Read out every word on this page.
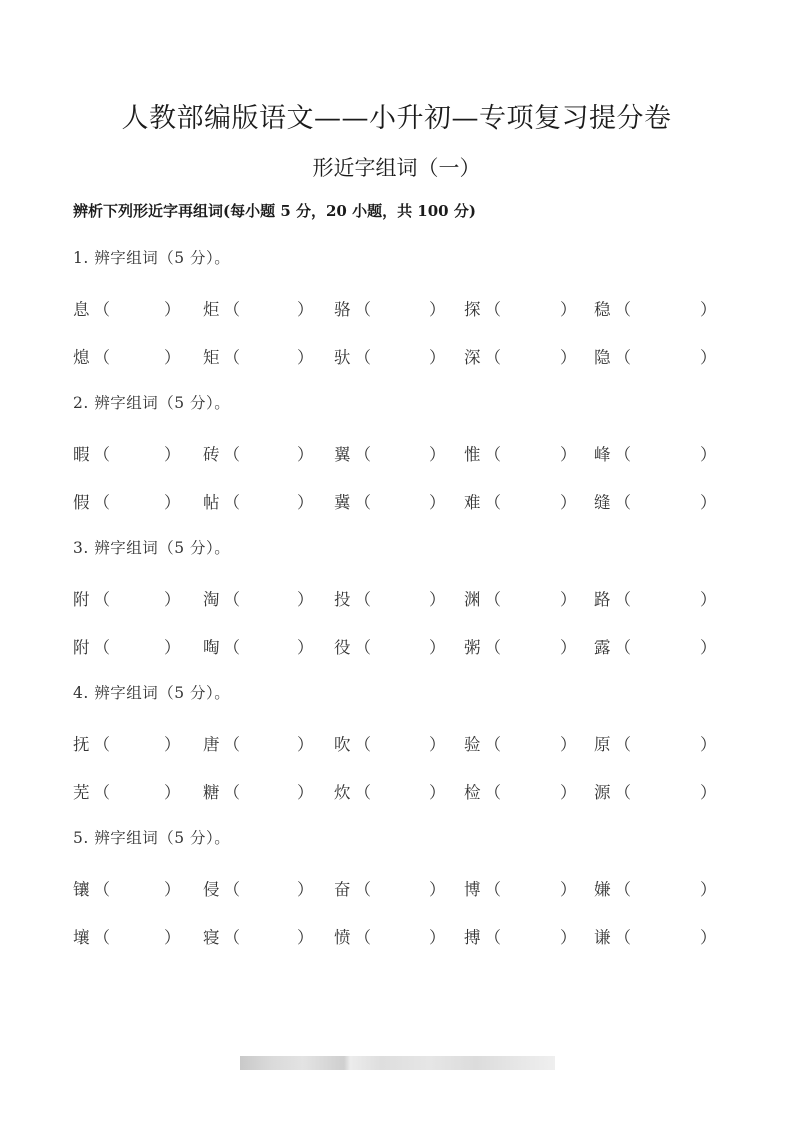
人教部编版语文——小升初—专项复习提分卷
形近字组词（一）
辨析下列形近字再组词(每小题 5 分，20 小题，共 100 分)
1. 辨字组词（5 分）。
息 （	） 炬 （	） 骆 （	） 探 （	） 稳 （	）
熄 （	） 矩 （	） 驮 （	） 深 （	） 隐 （	）
2. 辨字组词（5 分）。
暇 （	） 砖 （	） 翼 （	） 惟 （	） 峰 （	）
假 （	） 帖 （	） 冀 （	） 难 （	） 缝 （	）
3. 辨字组词（5 分）。
附 （	） 淘 （	） 投 （	） 渊 （	） 路 （	）
附 （	） 啕 （	） 役 （	） 粥 （	） 露 （	）
4. 辨字组词（5 分）。
抚 （	） 唐 （	） 吹 （	） 验 （	） 原 （	）
芜 （	） 糖 （	） 炊 （	） 检 （	） 源 （	）
5. 辨字组词（5 分）。
镶 （	） 侵 （	） 奋 （	） 博 （	） 嫌 （	）
壤 （	） 寝 （	） 愤 （	） 搏 （	） 谦 （	）
